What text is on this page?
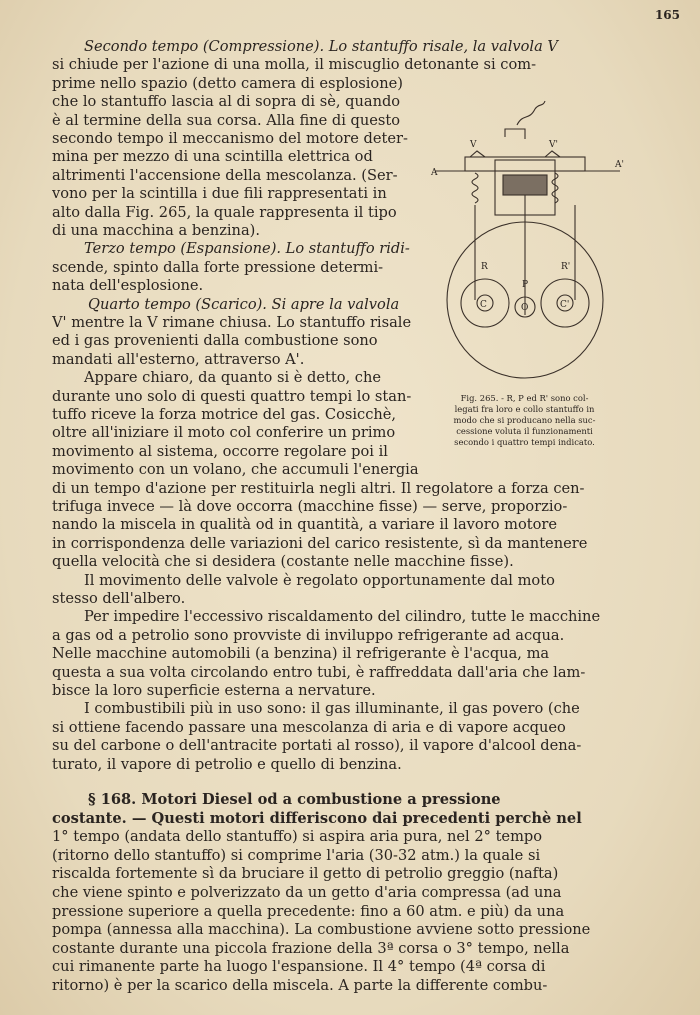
165
Secondo tempo (Compressione). Lo stantuffo risale, la valvola V
si chiude per l'azione di una molla, il miscuglio detonante si com-
prime nello spazio (detto camera di esplosione)
che lo stantuffo lascia al di sopra di sè, quando
è al termine della sua corsa. Alla fine di questo
secondo tempo il meccanismo del motore deter-
mina per mezzo di una scintilla elettrica od
altrimenti l'accensione della mescolanza. (Ser-
vono per la scintilla i due fili rappresentati in
alto dalla Fig. 265, la quale rappresenta il tipo
di una macchina a benzina).
Terzo tempo (Espansione). Lo stantuffo ridi-
scende, spinto dalla forte pressione determi-
nata dell'esplosione.
Quarto tempo (Scarico). Si apre la valvola
V' mentre la V rimane chiusa. Lo stantuffo risale
ed i gas provenienti dalla combustione sono
mandati all'esterno, attraverso A'.
Appare chiaro, da quanto si è detto, che
durante uno solo di questi quattro tempi lo stan-
tuffo riceve la forza motrice del gas. Cosicchè,
oltre all'iniziare il moto col conferire un primo
movimento al sistema, occorre regolare poi il
movimento con un volano, che accumuli l'energia
di un tempo d'azione per restituirla negli altri. Il regolatore a forza cen-
trifuga invece — là dove occorra (macchine fisse) — serve, proporzio-
nando la miscela in qualità od in quantità, a variare il lavoro motore
in corrispondenza delle variazioni del carico resistente, sì da mantenere
quella velocità che si desidera (costante nelle macchine fisse).
Il movimento delle valvole è regolato opportunamente dal moto
stesso dell'albero.
Per impedire l'eccessivo riscaldamento del cilindro, tutte le macchine
a gas od a petrolio sono provviste di inviluppo refrigerante ad acqua.
Nelle macchine automobili (a benzina) il refrigerante è l'acqua, ma
questa a sua volta circolando entro tubi, è raffreddata dall'aria che lam-
bisce la loro superficie esterna a nervature.
I combustibili più in uso sono: il gas illuminante, il gas povero (che
si ottiene facendo passare una mescolanza di aria e di vapore acqueo
su del carbone o dell'antracite portati al rosso), il vapore d'alcool dena-
turato, il vapore di petrolio e quello di benzina.
§ 168. Motori Diesel od a combustione a pressione
costante. — Questi motori differiscono dai precedenti perchè nel
1° tempo (andata dello stantuffo) si aspira aria pura, nel 2° tempo
(ritorno dello stantuffo) si comprime l'aria (30-32 atm.) la quale si
riscalda fortemente sì da bruciare il getto di petrolio greggio (nafta)
che viene spinto e polverizzato da un getto d'aria compressa (ad una
pressione superiore a quella precedente: fino a 60 atm. e più) da una
pompa (annessa alla macchina). La combustione avviene sotto pressione
costante durante una piccola frazione della 3ª corsa o 3° tempo, nella
cui rimanente parte ha luogo l'espansione. Il 4° tempo (4ª corsa di
ritorno) è per la scarico della miscela. A parte la differente combu-
V	V'
A
A'
R	R'
P
C	C'
O
Fig. 265. - R, P ed R' sono col-
legati fra loro e collo stantuffo in
modo che si producano nella suc-
cessione voluta il funzionamenti
secondo i quattro tempi indicato.
